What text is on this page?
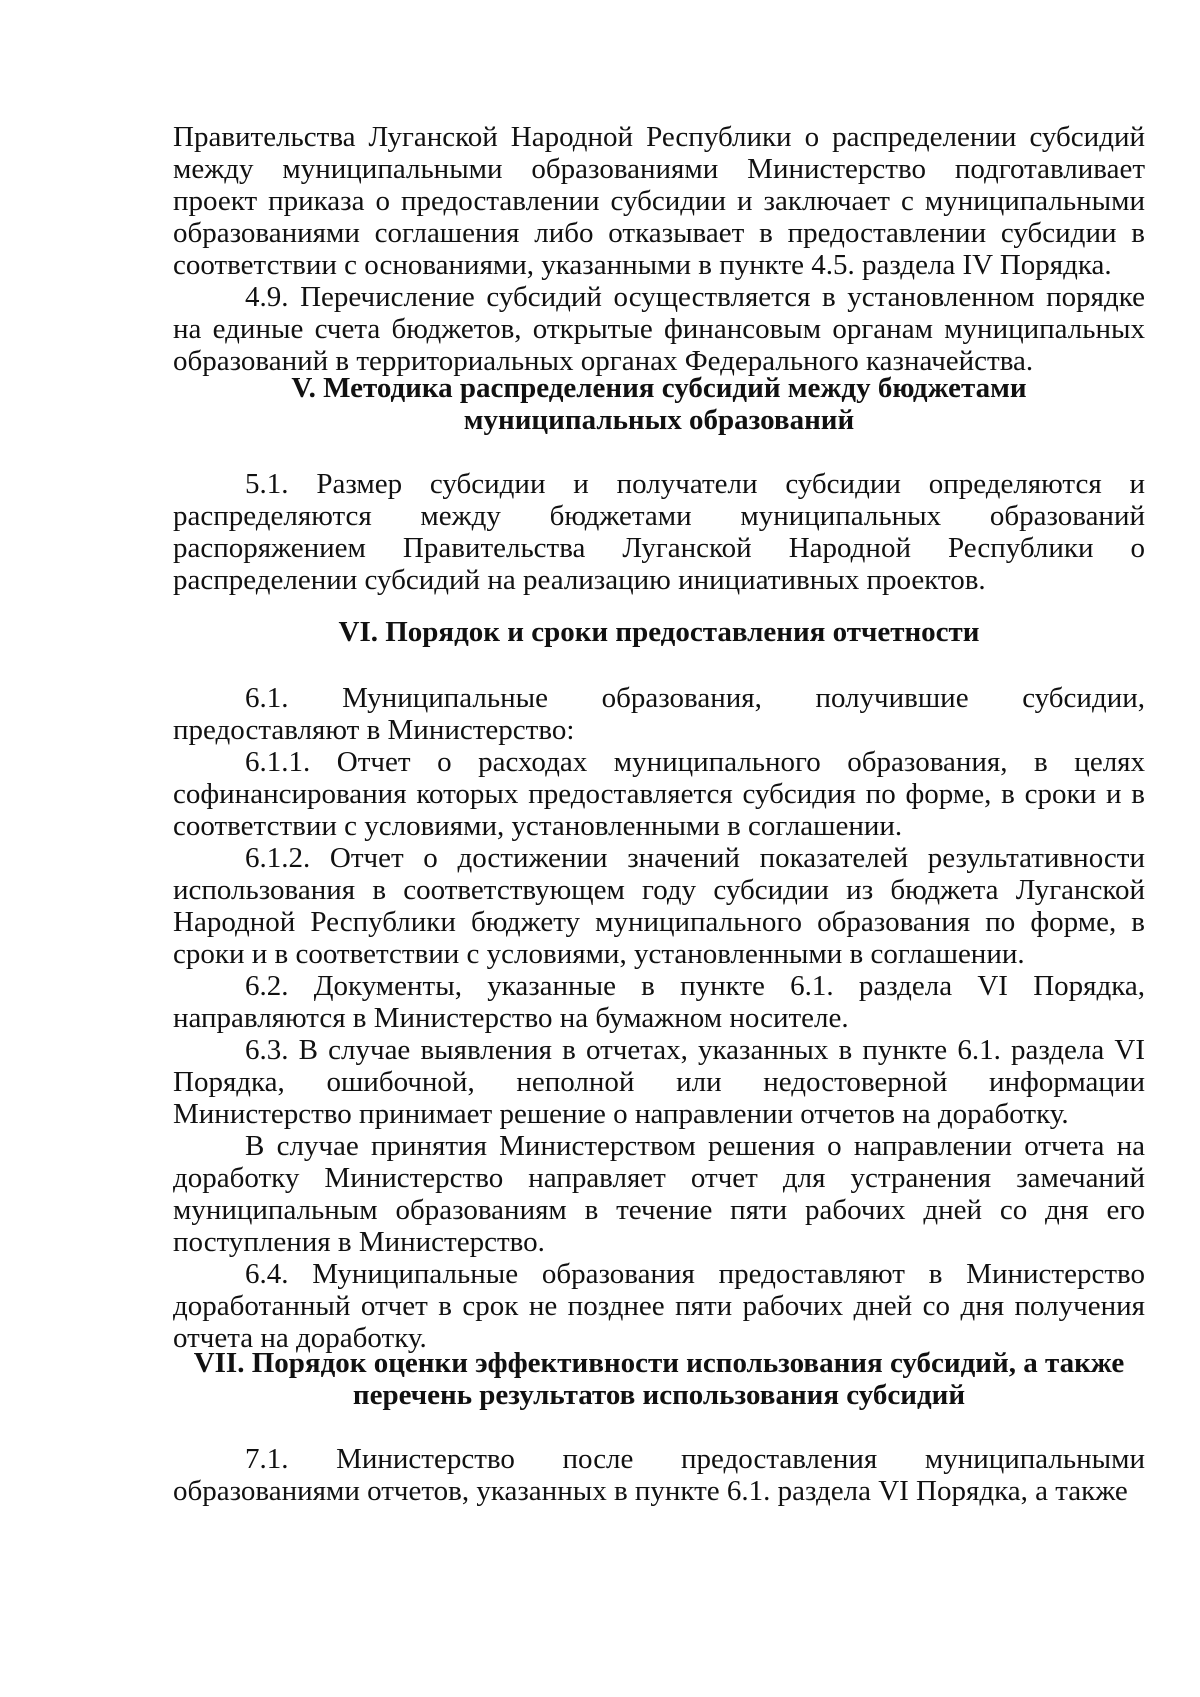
Правительства Луганской Народной Республики о распределении субсидий между муниципальными образованиями Министерство подготавливает проект приказа о предоставлении субсидии и заключает с муниципальными образованиями соглашения либо отказывает в предоставлении субсидии в соответствии с основаниями, указанными в пункте 4.5. раздела IV Порядка.

4.9. Перечисление субсидий осуществляется в установленном порядке на единые счета бюджетов, открытые финансовым органам муниципальных образований в территориальных органах Федерального казначейства.

V. Методика распределения субсидий между бюджетами
муниципальных образований

5.1. Размер субсидии и получатели субсидии определяются и распределяются между бюджетами муниципальных образований распоряжением Правительства Луганской Народной Республики о распределении субсидий на реализацию инициативных проектов.

VI. Порядок и сроки предоставления отчетности

6.1. Муниципальные образования, получившие субсидии, предоставляют в Министерство:

6.1.1. Отчет о расходах муниципального образования, в целях софинансирования которых предоставляется субсидия по форме, в сроки и в соответствии с условиями, установленными в соглашении.

6.1.2. Отчет о достижении значений показателей результативности использования в соответствующем году субсидии из бюджета Луганской Народной Республики бюджету муниципального образования по форме, в сроки и в соответствии с условиями, установленными в соглашении.

6.2. Документы, указанные в пункте 6.1. раздела VI Порядка, направляются в Министерство на бумажном носителе.

6.3. В случае выявления в отчетах, указанных в пункте 6.1. раздела VI Порядка, ошибочной, неполной или недостоверной информации Министерство принимает решение о направлении отчетов на доработку.

В случае принятия Министерством решения о направлении отчета на доработку Министерство направляет отчет для устранения замечаний муниципальным образованиям в течение пяти рабочих дней со дня его поступления в Министерство.

6.4. Муниципальные образования предоставляют в Министерство доработанный отчет в срок не позднее пяти рабочих дней со дня получения отчета на доработку.

VII. Порядок оценки эффективности использования субсидий, а также
перечень результатов использования субсидий

7.1. Министерство после предоставления муниципальными образованиями отчетов, указанных в пункте 6.1. раздела VI Порядка, а также
